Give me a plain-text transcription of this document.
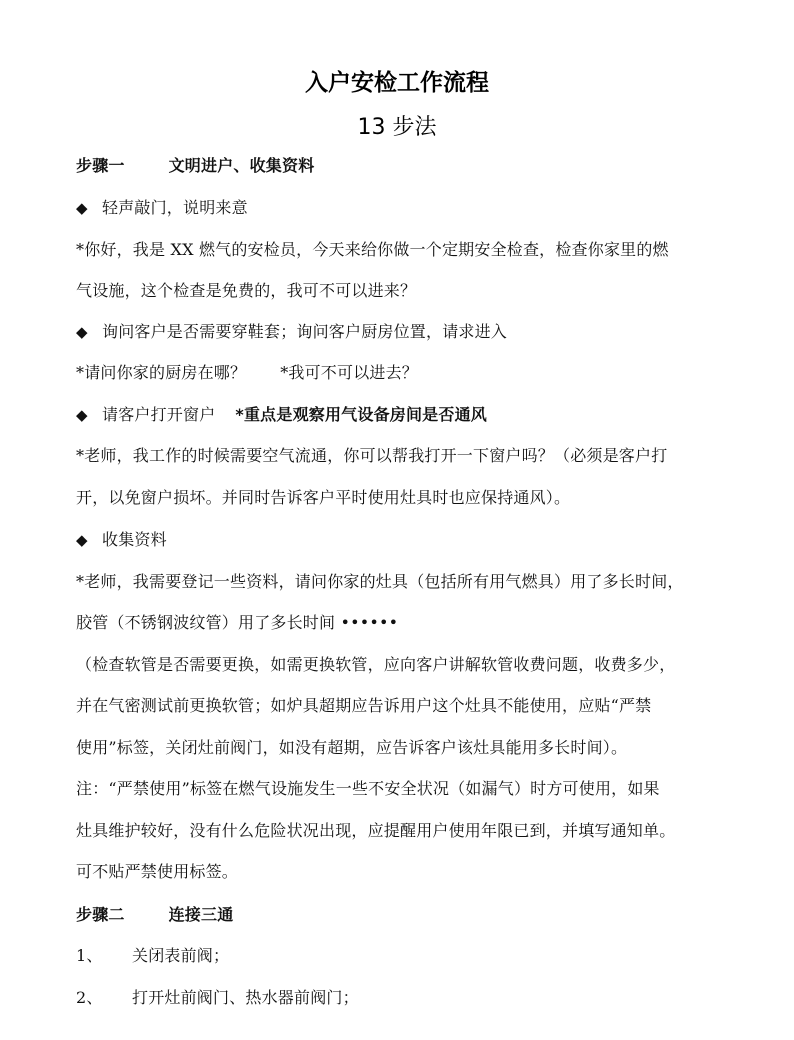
入户安检工作流程
13 步法
步骤一	文明进户、收集资料
◆ 轻声敲门，说明来意
*你好，我是 XX 燃气的安检员，今天来给你做一个定期安全检查，检查你家里的燃
气设施，这个检查是免费的，我可不可以进来？
◆ 询问客户是否需要穿鞋套；询问客户厨房位置，请求进入
*请问你家的厨房在哪？ *我可不可以进去？
◆ 请客户打开窗户 *重点是观察用气设备房间是否通风
*老师，我工作的时候需要空气流通，你可以帮我打开一下窗户吗？（必须是客户打
开，以免窗户损坏。并同时告诉客户平时使用灶具时也应保持通风）。
◆ 收集资料
*老师，我需要登记一些资料，请问你家的灶具（包括所有用气燃具）用了多长时间，
胶管（不锈钢波纹管）用了多长时间 ••••••
（检查软管是否需要更换，如需更换软管，应向客户讲解软管收费问题，收费多少，
并在气密测试前更换软管；如炉具超期应告诉用户这个灶具不能使用，应贴“严禁
使用”标签，关闭灶前阀门，如没有超期，应告诉客户该灶具能用多长时间）。
注：“严禁使用”标签在燃气设施发生一些不安全状况（如漏气）时方可使用，如果
灶具维护较好，没有什么危险状况出现，应提醒用户使用年限已到，并填写通知单。
可不贴严禁使用标签。
步骤二	连接三通
1、 关闭表前阀；
2、 打开灶前阀门、热水器前阀门；
